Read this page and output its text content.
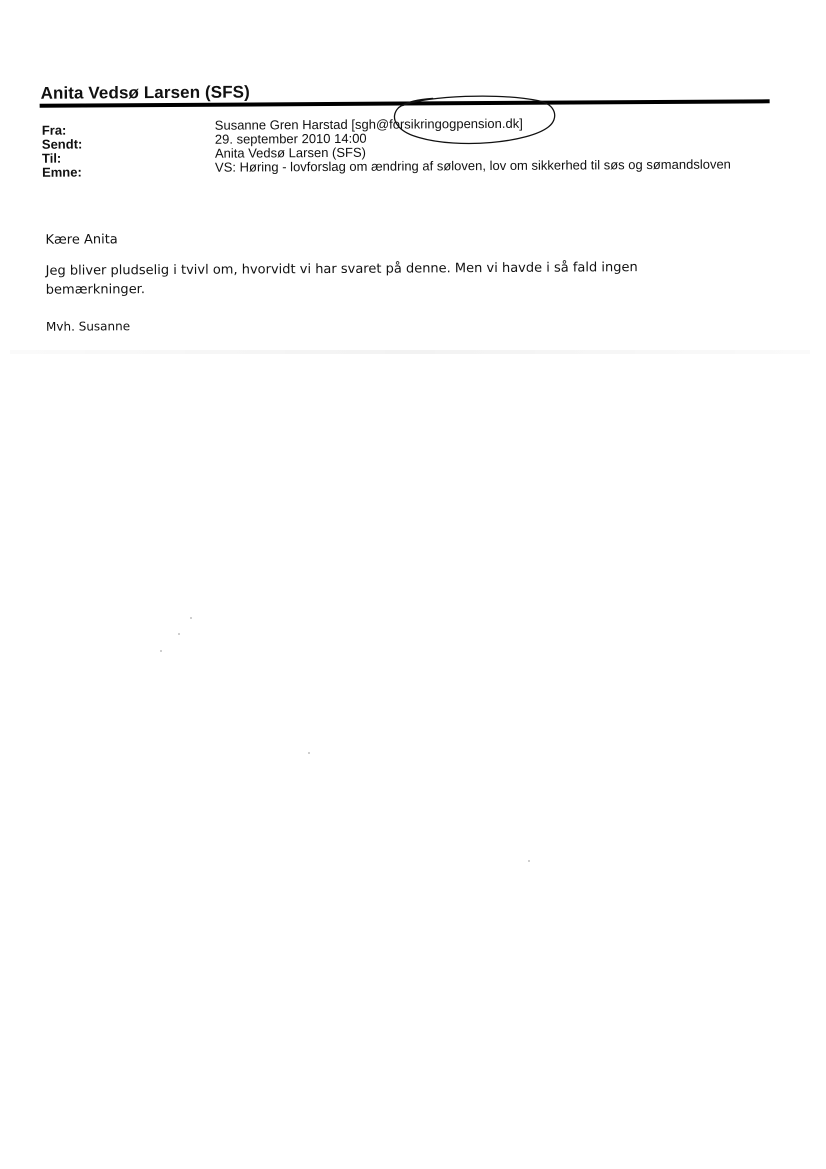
Anita Vedsø Larsen (SFS)
Fra:
Sendt:
Til:
Emne:
Susanne Gren Harstad [sgh@forsikringogpension.dk]
29. september 2010 14:00
Anita Vedsø Larsen (SFS)
VS: Høring - lovforslag om ændring af søloven, lov om sikkerhed til søs og sømandsloven
Kære Anita
Jeg bliver pludselig i tvivl om, hvorvidt vi har svaret på denne. Men vi havde i så fald ingen
bemærkninger.
Mvh. Susanne
